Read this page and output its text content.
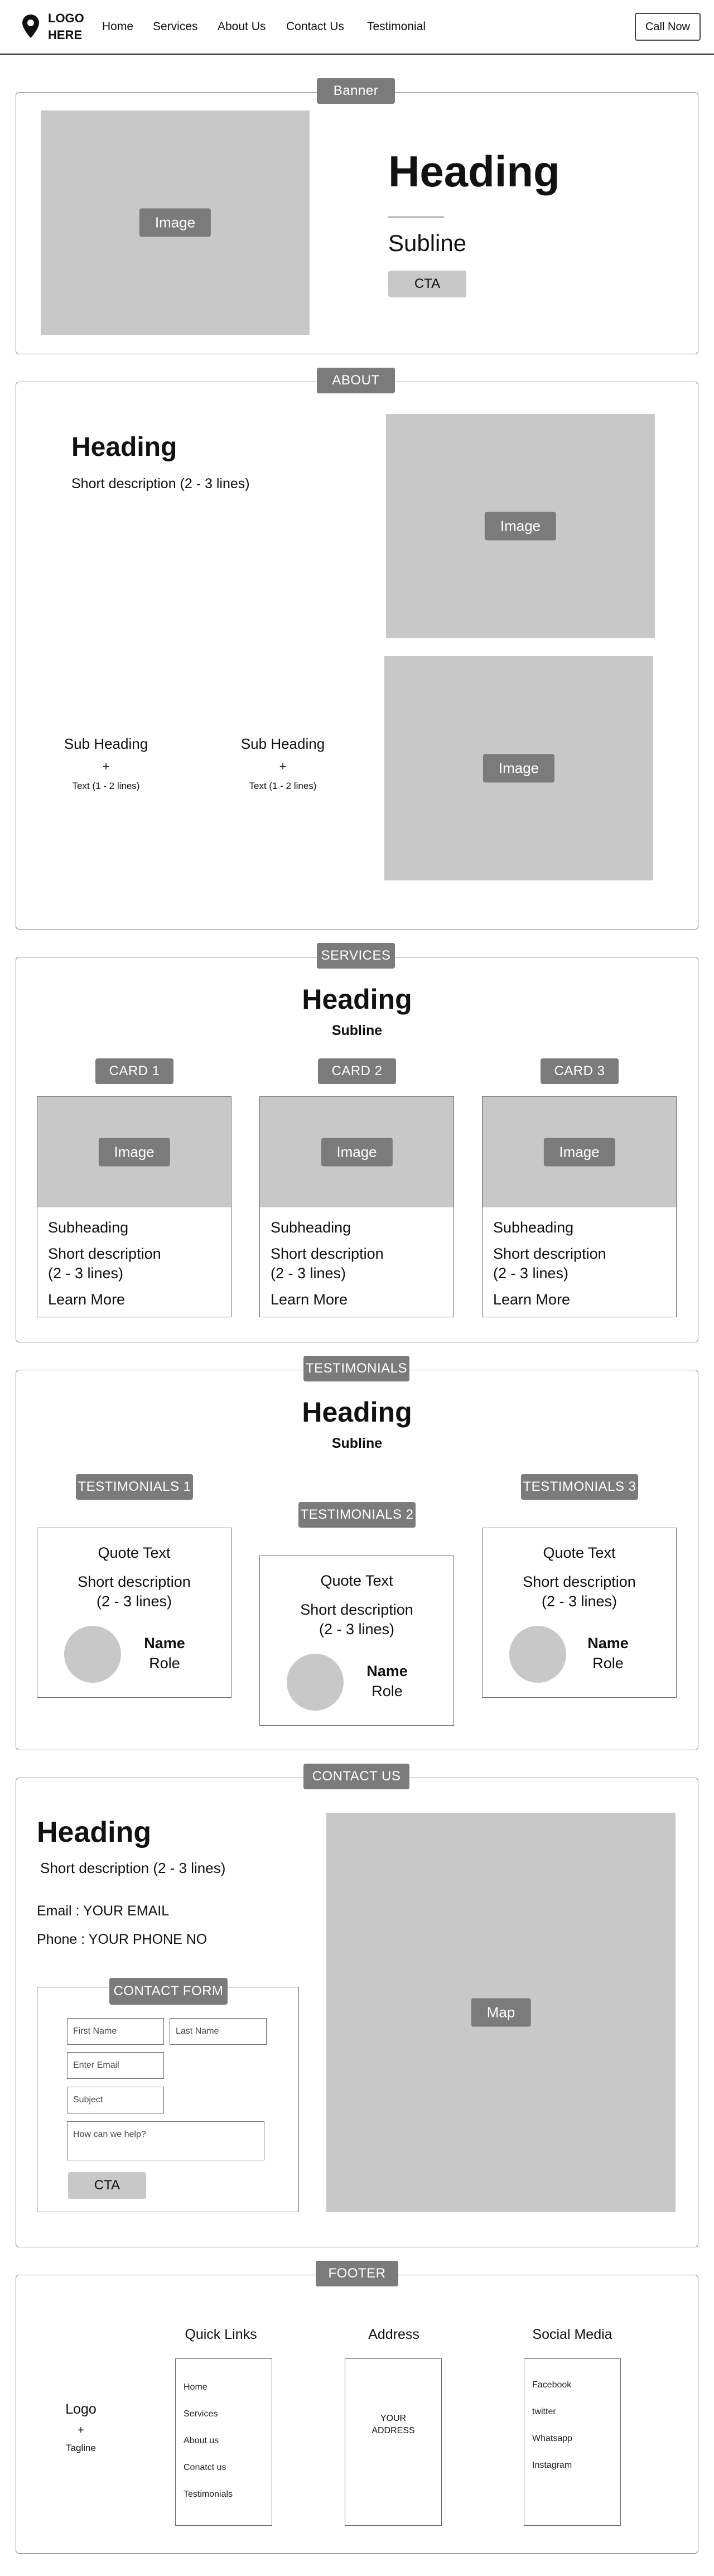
LOGO
HERE
Home Services About Us Contact Us Testimonial	Call Now
Banner
Image
Heading
Subline
CTA
ABOUT
Heading
Short description (2 - 3 lines)
Image
Image
Sub Heading
+
Text (1 - 2 lines)
Sub Heading
+
Text (1 - 2 lines)
SERVICES
Heading
Subline
CARD 1
Image
Subheading
Short description
(2 - 3 lines)
Learn More
CARD 2
Image
Subheading
Short description
(2 - 3 lines)
Learn More
CARD 3
Image
Subheading
Short description
(2 - 3 lines)
Learn More
TESTIMONIALS
Heading
Subline
TESTIMONIALS 1
Quote Text
Short description
(2 - 3 lines)
Name
Role
TESTIMONIALS 2
Quote Text
Short description
(2 - 3 lines)
Name
Role
TESTIMONIALS 3
Quote Text
Short description
(2 - 3 lines)
Name
Role
CONTACT US
Heading
Short description (2 - 3 lines)
Email : YOUR EMAIL
Phone : YOUR PHONE NO
CONTACT FORM
First Name	Last Name
Enter Email
Subject
How can we help?
CTA
Map
FOOTER
Logo
+
Tagline
Quick Links
Home
Services
About us
Conatct us
Testimonials
Address
YOUR
ADDRESS
Social Media
Facebook
twitter
Whatsapp
Instagram
